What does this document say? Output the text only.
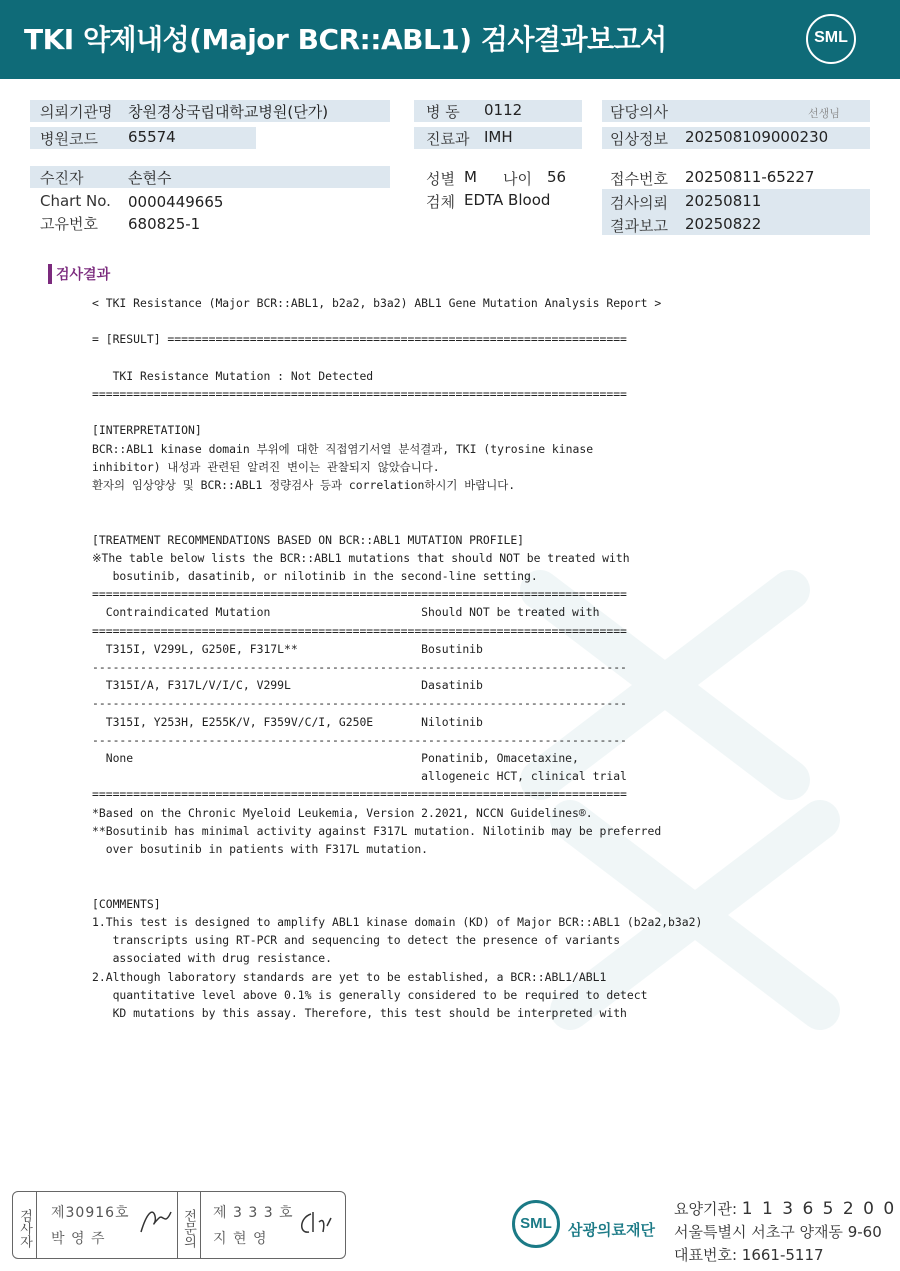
TKI 약제내성(Major BCR::ABL1) 검사결과보고서	SML
의뢰기관명 창원경상국립대학교병원(단가)
병원코드 65574
병 동 0112
진료과 IMH
담당의사	선생님
임상정보 202508109000230
수진자	손현수
Chart No. 0000449665
고유번호 680825-1
성별 M 나이 56
검체 EDTA Blood
접수번호 20250811-65227
검사의뢰 20250811
결과보고 20250822
검사결과
< TKI Resistance (Major BCR::ABL1, b2a2, b3a2) ABL1 Gene Mutation Analysis Report >

= [RESULT] ===================================================================

TKI Resistance Mutation : Not Detected
==============================================================================

[INTERPRETATION]
BCR::ABL1 kinase domain 부위에 대한 직접염기서열 분석결과, TKI (tyrosine kinase
inhibitor) 내성과 관련된 알려진 변이는 관찰되지 않았습니다.
환자의 임상양상 및 BCR::ABL1 정량검사 등과 correlation하시기 바랍니다.

[TREATMENT RECOMMENDATIONS BASED ON BCR::ABL1 MUTATION PROFILE]
※The table below lists the BCR::ABL1 mutations that should NOT be treated with
bosutinib, dasatinib, or nilotinib in the second-line setting.
==============================================================================
Contraindicated Mutation                      Should NOT be treated with
==============================================================================
T315I, V299L, G250E, F317L**                  Bosutinib
------------------------------------------------------------------------------
T315I/A, F317L/V/I/C, V299L                   Dasatinib
------------------------------------------------------------------------------
T315I, Y253H, E255K/V, F359V/C/I, G250E       Nilotinib
------------------------------------------------------------------------------
None                                          Ponatinib, Omacetaxine,
allogeneic HCT, clinical trial
==============================================================================
*Based on the Chronic Myeloid Leukemia, Version 2.2021, NCCN Guidelines®.
**Bosutinib has minimal activity against F317L mutation. Nilotinib may be preferred
over bosutinib in patients with F317L mutation.

[COMMENTS]
1.This test is designed to amplify ABL1 kinase domain (KD) of Major BCR::ABL1 (b2a2,b3a2)
transcripts using RT-PCR and sequencing to detect the presence of variants
associated with drug resistance.
2.Although laboratory standards are yet to be established, a BCR::ABL1/ABL1
quantitative level above 0.1% is generally considered to be required to detect
KD mutations by this assay. Therefore, this test should be interpreted with
검사자	제30916호
박 영 주	전문의	제 3 3 3 호
지 현 영
SML	삼광의료재단
요양기관: 1 1 3 6 5 2 0 0
서울특별시 서초구 양재동 9-60
대표번호: 1661-5117
